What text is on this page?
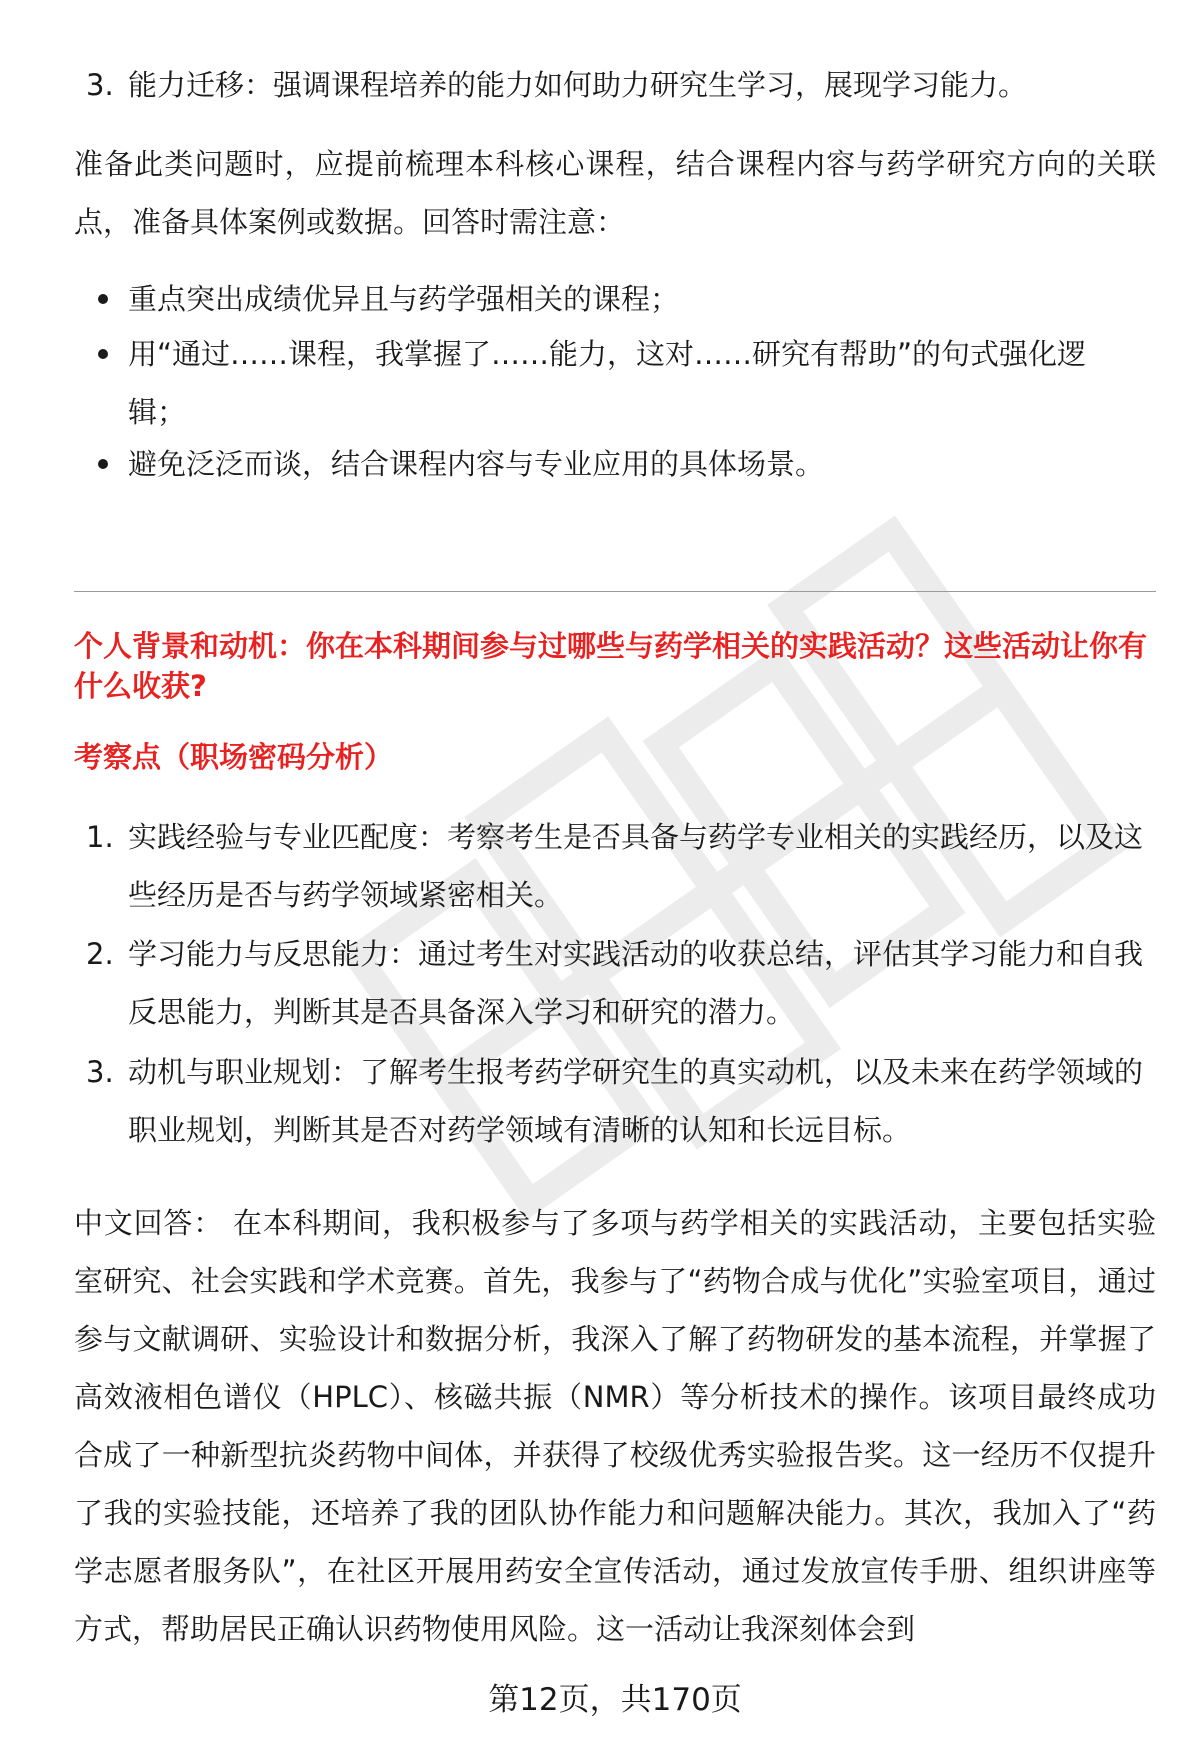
3. 能力迁移：强调课程培养的能力如何助力研究生学习，展现学习能力。
准备此类问题时，应提前梳理本科核心课程，结合课程内容与药学研究方向的关联点，准备具体案例或数据。回答时需注意：
重点突出成绩优异且与药学强相关的课程；
用“通过……课程，我掌握了……能力，这对……研究有帮助”的句式强化逻辑；
避免泛泛而谈，结合课程内容与专业应用的具体场景。
个人背景和动机：你在本科期间参与过哪些与药学相关的实践活动？这些活动让你有什么收获?
考察点（职场密码分析）
1. 实践经验与专业匹配度：考察考生是否具备与药学专业相关的实践经历，以及这些经历是否与药学领域紧密相关。
2. 学习能力与反思能力：通过考生对实践活动的收获总结，评估其学习能力和自我反思能力，判断其是否具备深入学习和研究的潜力。
3. 动机与职业规划：了解考生报考药学研究生的真实动机，以及未来在药学领域的职业规划，判断其是否对药学领域有清晰的认知和长远目标。
中文回答： 在本科期间，我积极参与了多项与药学相关的实践活动，主要包括实验室研究、社会实践和学术竞赛。首先，我参与了“药物合成与优化”实验室项目，通过参与文献调研、实验设计和数据分析，我深入了解了药物研发的基本流程，并掌握了高效液相色谱仪（HPLC）、核磁共振（NMR）等分析技术的操作。该项目最终成功合成了一种新型抗炎药物中间体，并获得了校级优秀实验报告奖。这一经历不仅提升了我的实验技能，还培养了我的团队协作能力和问题解决能力。其次，我加入了“药学志愿者服务队”，在社区开展用药安全宣传活动，通过发放宣传手册、组织讲座等方式，帮助居民正确认识药物使用风险。这一活动让我深刻体会到
第12页，共170页
